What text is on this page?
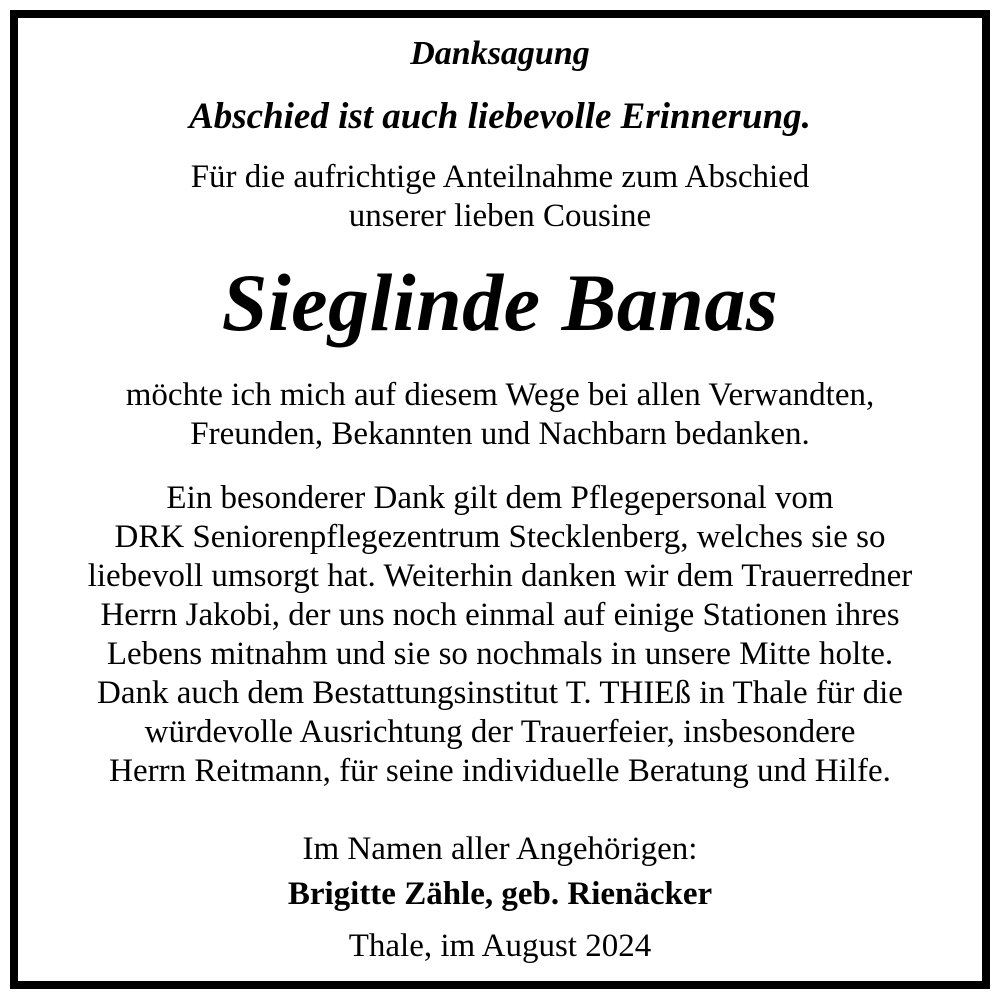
Danksagung
Abschied ist auch liebevolle Erinnerung.
Für die aufrichtige Anteilnahme zum Abschied
unserer lieben Cousine
Sieglinde Banas
möchte ich mich auf diesem Wege bei allen Verwandten,
Freunden, Bekannten und Nachbarn bedanken.
Ein besonderer Dank gilt dem Pflegepersonal vom
DRK Seniorenpflegezentrum Stecklenberg, welches sie so
liebevoll umsorgt hat. Weiterhin danken wir dem Trauerredner
Herrn Jakobi, der uns noch einmal auf einige Stationen ihres
Lebens mitnahm und sie so nochmals in unsere Mitte holte.
Dank auch dem Bestattungsinstitut T. THIEß in Thale für die
würdevolle Ausrichtung der Trauerfeier, insbesondere
Herrn Reitmann, für seine individuelle Beratung und Hilfe.
Im Namen aller Angehörigen:
Brigitte Zähle, geb. Rienäcker
Thale, im August 2024
